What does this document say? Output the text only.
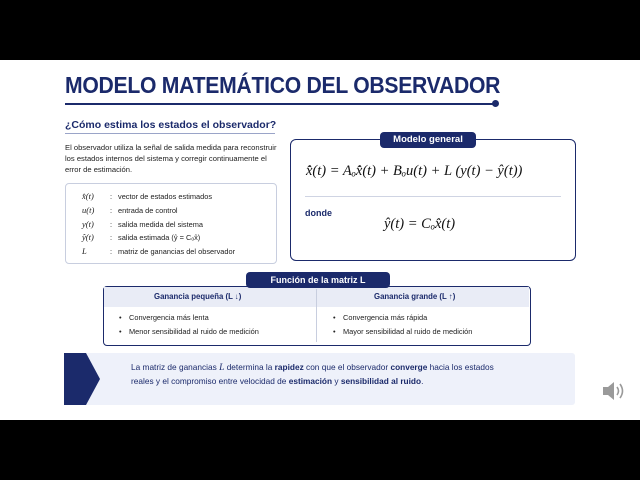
MODELO MATEMÁTICO DEL OBSERVADOR
¿Cómo estima los estados el observador?
El observador utiliza la señal de salida medida para reconstruir los estados internos del sistema y corregir continuamente el error de estimación.
x̂(t) : vector de estados estimados
u(t) : entrada de control
y(t) : salida medida del sistema
ŷ(t) : salida estimada (ŷ = Cₒx̂)
L	: matriz de ganancias del observador
Modelo general
x̂̇(t) = Aₒx̂̇(t) + Bₒu(t) + L (y(t) − ŷ(t))
donde
ŷ(t) = Cₒx̂(t)
Función de la matriz L
Ganancia pequeña (L ↓)	Ganancia grande (L ↑)
• Convergencia más lenta
• Menor sensibilidad al ruido de medición
• Convergencia más rápida
• Mayor sensibilidad al ruido de medición
La matriz de ganancias L determina la rapidez con que el observador converge hacia los estados reales y el compromiso entre velocidad de estimación y sensibilidad al ruido.
